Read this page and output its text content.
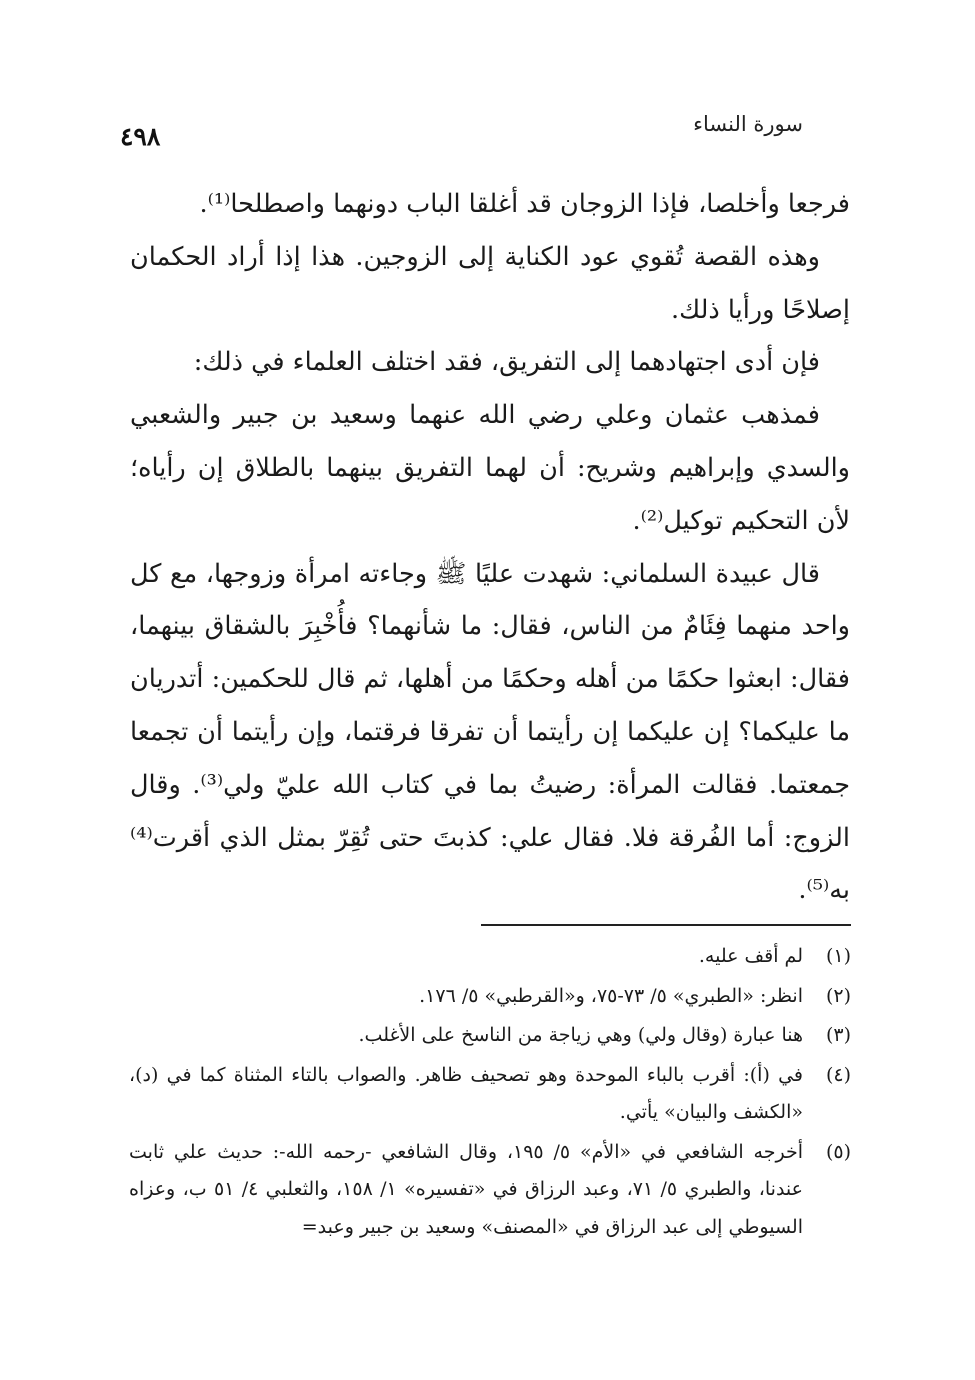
سورة النساء
٤٩٨

فرجعا وأخلصا، فإذا الزوجان قد أغلقا الباب دونهما واصطلحا⁽¹⁾.

وهذه القصة تُقوي عود الكناية إلى الزوجين. هذا إذا أراد الحكمان إصلاحًا ورأيا ذلك.

فإن أدى اجتهادهما إلى التفريق، فقد اختلف العلماء في ذلك:

فمذهب عثمان وعلي رضي الله عنهما وسعيد بن جبير والشعبي والسدي وإبراهيم وشريح: أن لهما التفريق بينهما بالطلاق إن رأياه؛ لأن التحكيم توكيل⁽²⁾.

قال عبيدة السلماني: شهدت عليًا ﷺ وجاءته امرأة وزوجها، مع كل واحد منهما فِئَامٌ من الناس، فقال: ما شأنهما؟ فأُخْبِرَ بالشقاق بينهما، فقال: ابعثوا حكمًا من أهله وحكمًا من أهلها، ثم قال للحكمين: أتدريان ما عليكما؟ إن عليكما إن رأيتما أن تفرقا فرقتما، وإن رأيتما أن تجمعا جمعتما. فقالت المرأة: رضيتُ بما في كتاب الله عليّ ولي⁽³⁾. وقال الزوج: أما الفُرقة فلا. فقال علي: كذبتَ حتى تُقِرّ بمثل الذي أقرت⁽⁴⁾ به⁽⁵⁾.

(١)
لم أقف عليه.
(٢)
انظر: «الطبري» ٥/ ٧٣-٧٥، و«القرطبي» ٥/ ١٧٦.
(٣)
هنا عبارة (وقال ولي) وهي زياجة من الناسخ على الأغلب.
(٤)
في (أ): أقرب بالباء الموحدة وهو تصحيف ظاهر. والصواب بالتاء المثناة كما في (د)، «الكشف والبيان» يأتي.
(٥)
أخرجه الشافعي في «الأم» ٥/ ١٩٥، وقال الشافعي -رحمه الله-: حديث علي ثابت عندنا، والطبري ٥/ ٧١، وعبد الرزاق في «تفسيره» ١/ ١٥٨، والثعلبي ٤/ ٥١ ب، وعزاه السيوطي إلى عبد الرزاق في «المصنف» وسعيد بن جبير وعبد=
